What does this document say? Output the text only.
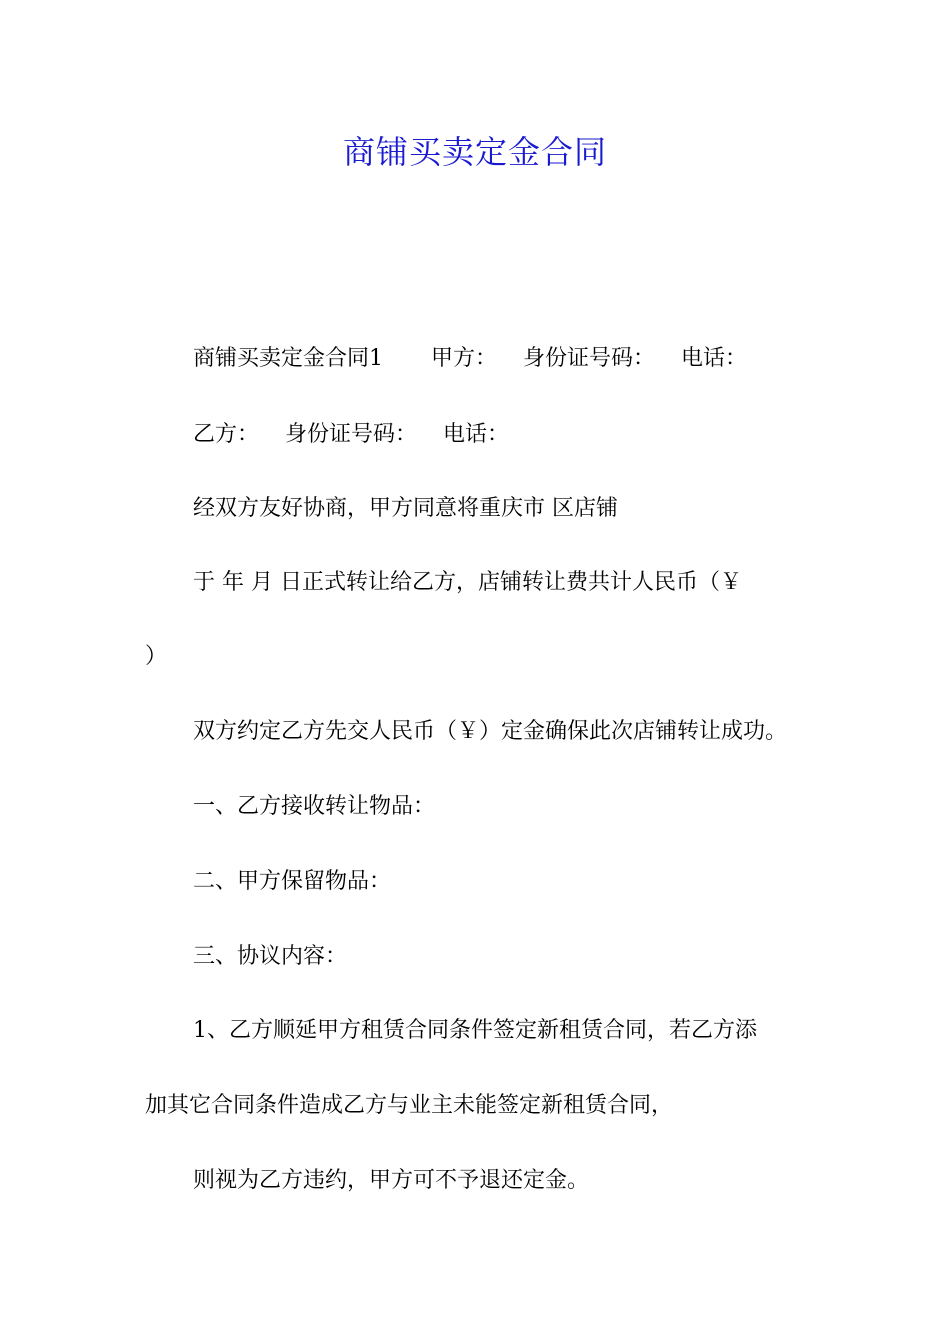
商铺买卖定金合同
商铺买卖定金合同1 甲方： 身份证号码： 电话：
乙方： 身份证号码： 电话：
经双方友好协商，甲方同意将重庆市 区店铺
于 年 月 日正式转让给乙方，店铺转让费共计人民币（￥
）
双方约定乙方先交人民币（￥）定金确保此次店铺转让成功。
一、乙方接收转让物品：
二、甲方保留物品：
三、协议内容：
1、乙方顺延甲方租赁合同条件签定新租赁合同，若乙方添
加其它合同条件造成乙方与业主未能签定新租赁合同，
则视为乙方违约，甲方可不予退还定金。
